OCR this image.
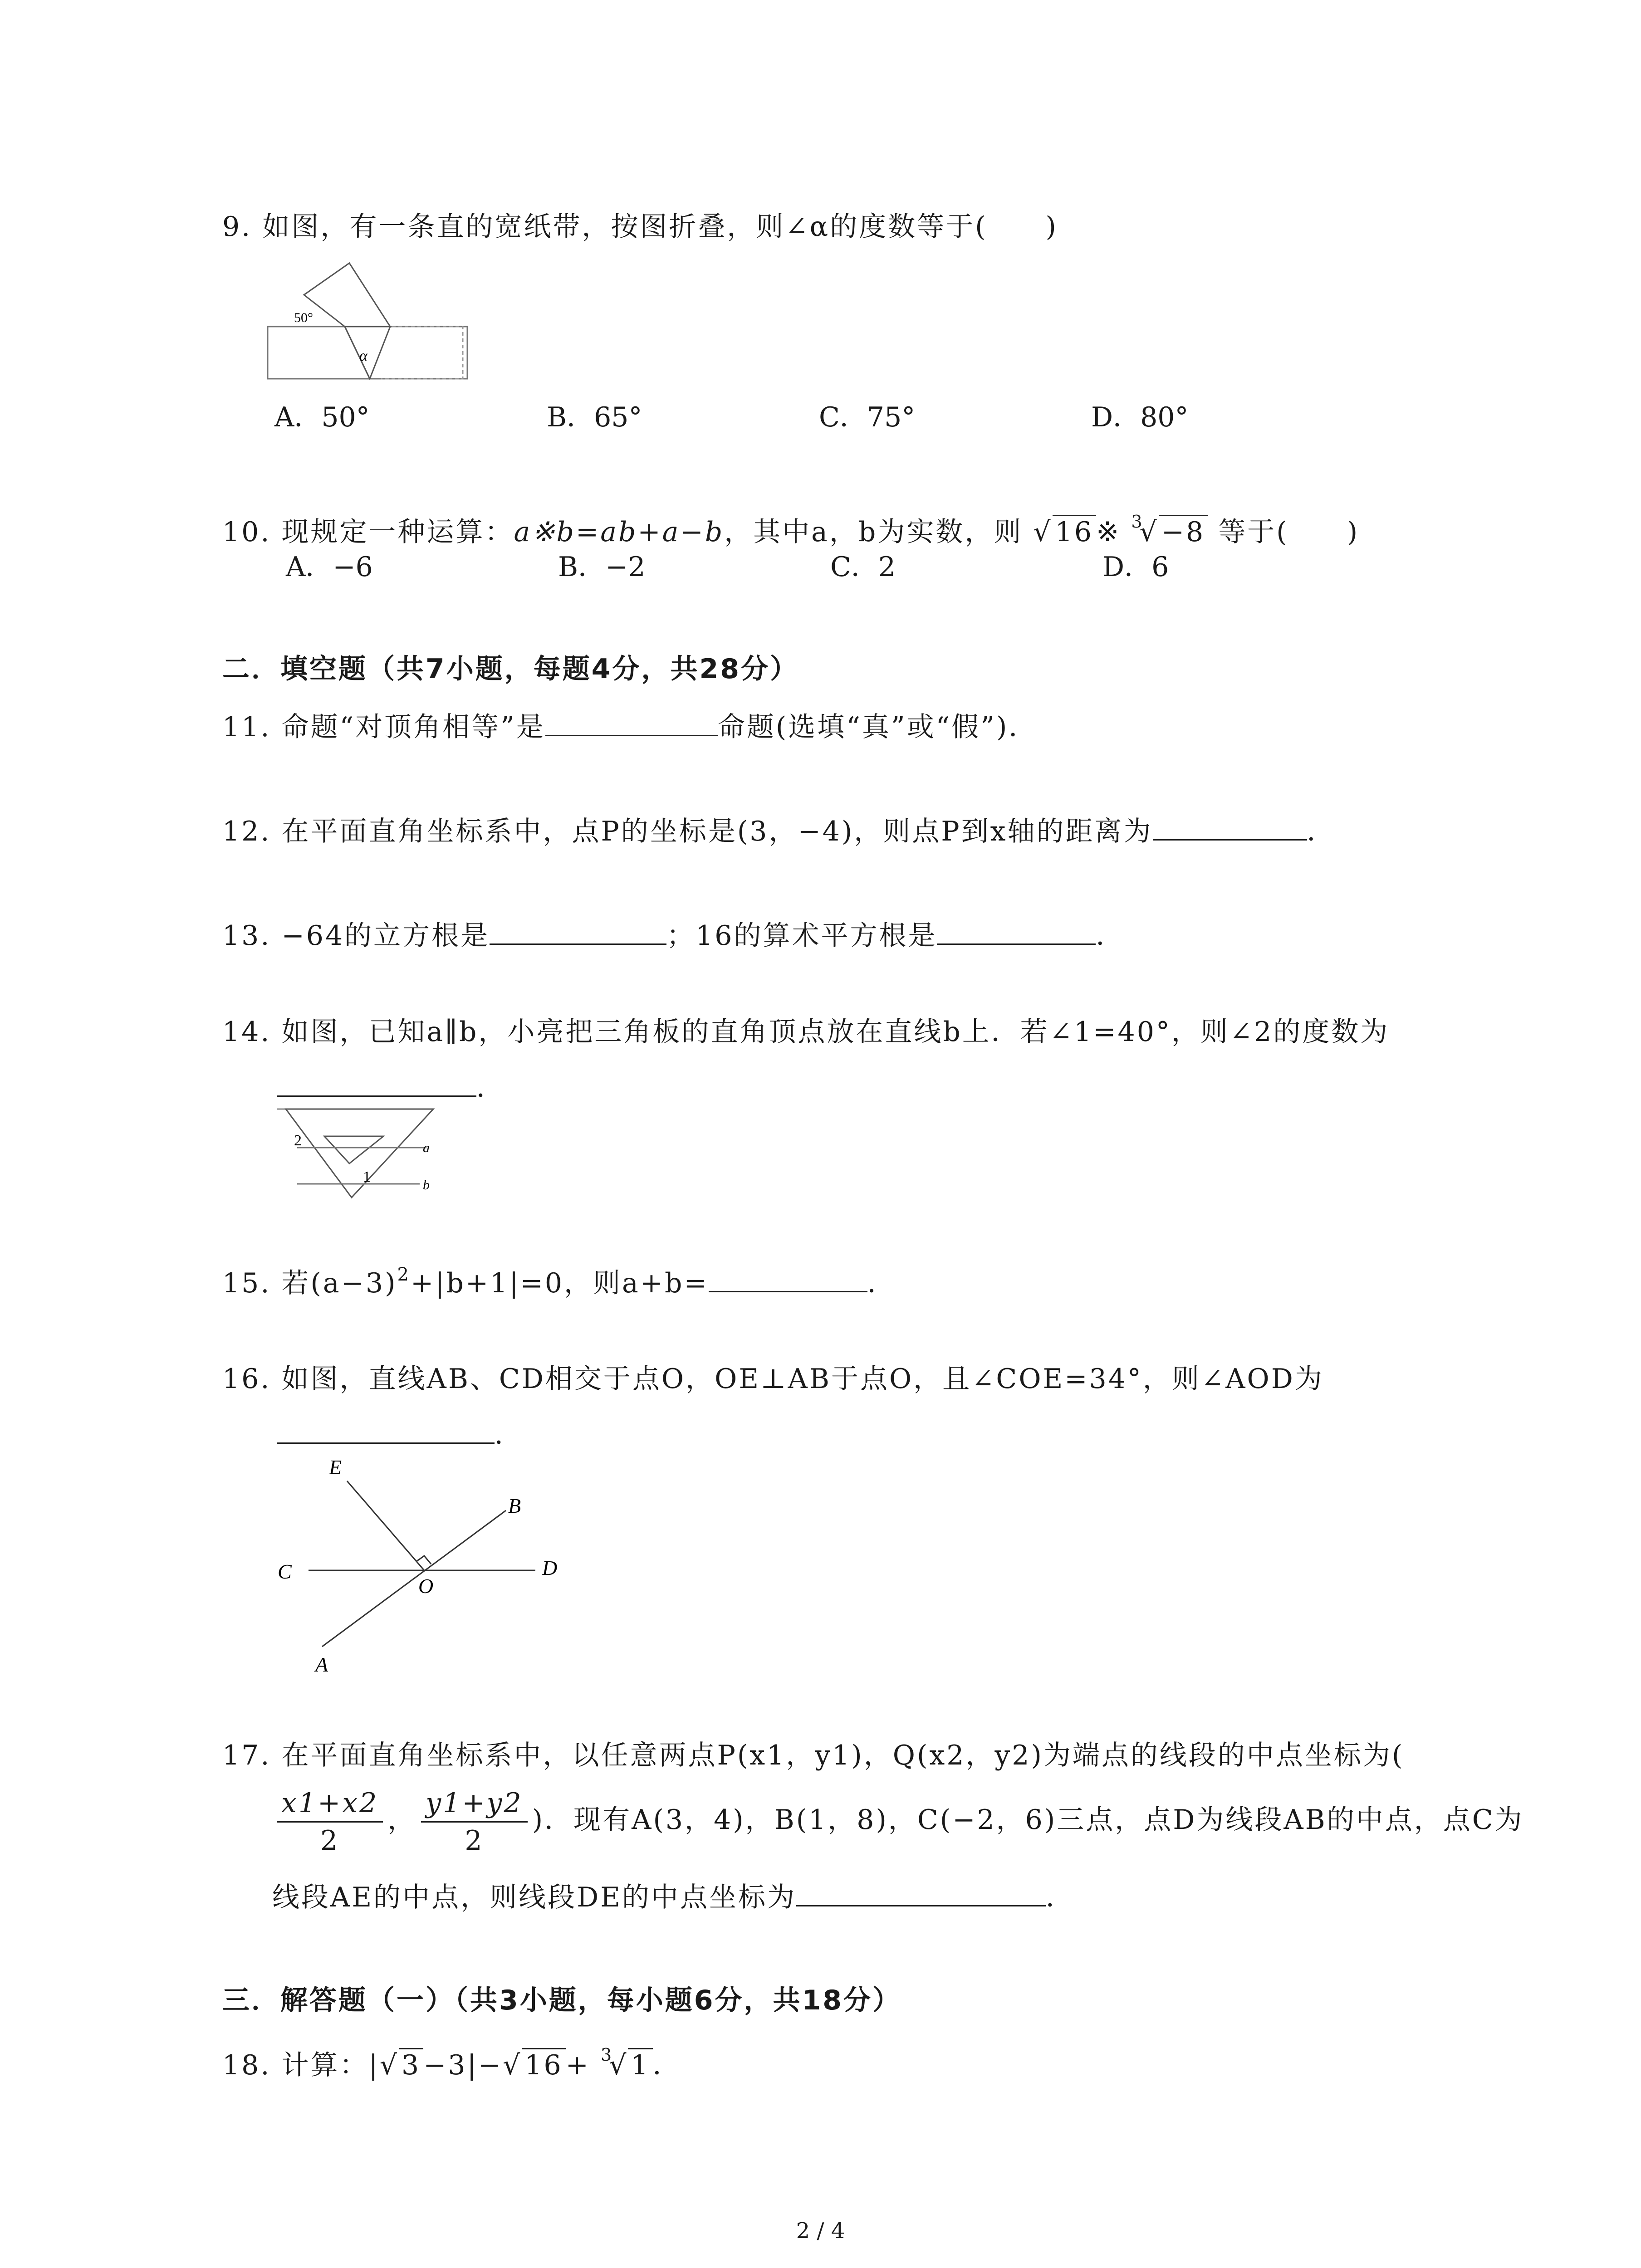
9. 如图，有一条直的宽纸带，按图折叠，则∠α的度数等于(　　)
50°
α
A．50°	B．65°	C．75°	D．80°
10. 现规定一种运算：a※b=ab+a−b，其中a，b为实数，则 √ 16 ※ $^3$√ −8 等于(　　)
A．−6	B．−2	C．2	D．6
二．填空题（共7小题，每题4分，共28分）
11. 命题“对顶角相等”是	命题(选填“真”或“假”)．
12. 在平面直角坐标系中，点P的坐标是(3，−4)，则点P到x轴的距离为	．
13. −64的立方根是	；16的算术平方根是	．
14. 如图，已知a∥b，小亮把三角板的直角顶点放在直线b上．若∠1=40°，则∠2的度数为
．
2
1
a
b
15. 若$(a-3)^2+|b+1|=0$，则a+b=	．
16. 如图，直线AB、CD相交于点O，OE⊥AB于点O，且∠COE=34°，则∠AOD为
．
E
B
C	D
O
A
17. 在平面直角坐标系中，以任意两点P(x1，y1)，Q(x2，y2)为端点的线段的中点坐标为(
$\frac{x1+x2}{2}$ ， $\frac{y1+y2}{2}$ )．现有A(3，4)，B(1，8)，C(−2，6)三点，点D为线段AB的中点，点C为
线段AE的中点，则线段DE的中点坐标为	．
三．解答题（一）（共3小题，每小题6分，共18分）
18. 计算：|√ 3 −3|−√ 16 + $^3$√ 1 ．
2 / 4
